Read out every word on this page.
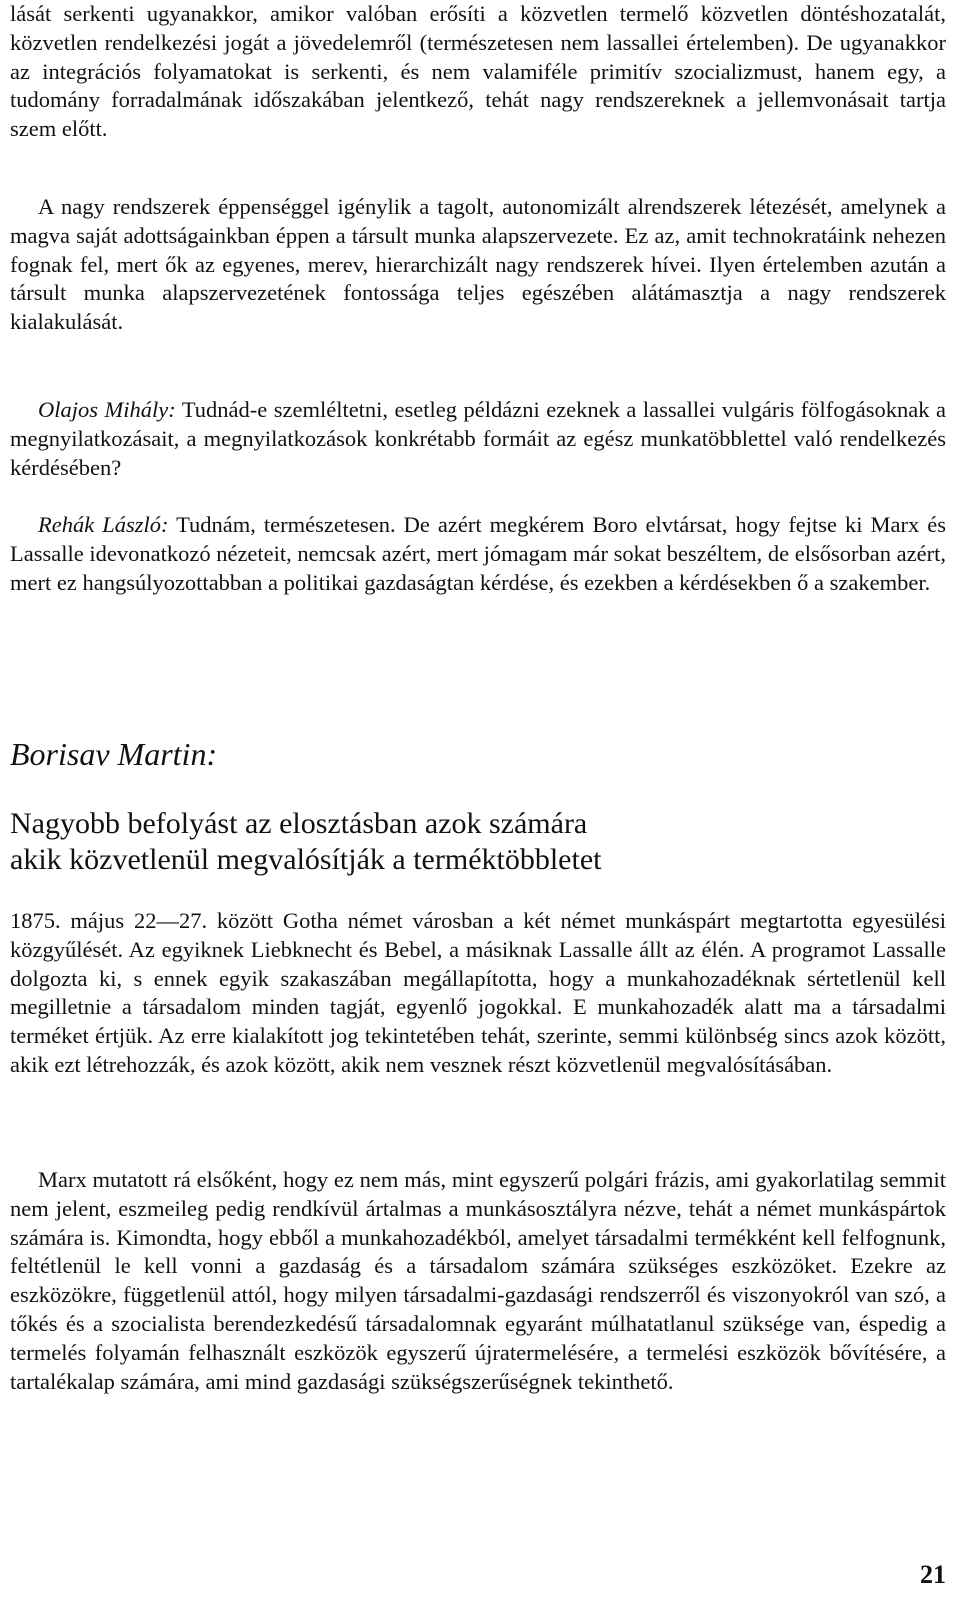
lását serkenti ugyanakkor, amikor valóban erősíti a közvetlen termelő közvetlen döntéshozatalát, közvetlen rendelkezési jogát a jövedelemről (természetesen nem lassallei értelemben). De ugyanakkor az integrációs folyamatokat is serkenti, és nem valamiféle primitív szocializmust, hanem egy, a tudomány forradalmának időszakában jelentkező, tehát nagy rendszereknek a jellemvonásait tartja szem előtt.

A nagy rendszerek éppenséggel igénylik a tagolt, autonomizált alrendszerek létezését, amelynek a magva saját adottságainkban éppen a társult munka alapszervezete. Ez az, amit technokratáink nehezen fognak fel, mert ők az egyenes, merev, hierarchizált nagy rendszerek hívei. Ilyen értelemben azután a társult munka alapszervezetének fontossága teljes egészében alátámasztja a nagy rendszerek kialakulását.

Olajos Mihály: Tudnád-e szemléltetni, esetleg példázni ezeknek a lassallei vulgáris fölfogásoknak a megnyilatkozásait, a megnyilatkozások konkrétabb formáit az egész munkatöbblettel való rendelkezés kérdésében?

Rehák László: Tudnám, természetesen. De azért megkérem Boro elvtársat, hogy fejtse ki Marx és Lassalle idevonatkozó nézeteit, nemcsak azért, mert jómagam már sokat beszéltem, de elsősorban azért, mert ez hangsúlyozottabban a politikai gazdaságtan kérdése, és ezekben a kérdésekben ő a szakember.

Borisav Martin:
Nagyobb befolyást az elosztásban azok számára
akik közvetlenül megvalósítják a terméktöbbletet

1875. május 22—27. között Gotha német városban a két német munkáspárt megtartotta egyesülési közgyűlését. Az egyiknek Liebknecht és Bebel, a másiknak Lassalle állt az élén. A programot Lassalle dolgozta ki, s ennek egyik szakaszában megállapította, hogy a munkahozadéknak sértetlenül kell megilletnie a társadalom minden tagját, egyenlő jogokkal. E munkahozadék alatt ma a társadalmi terméket értjük. Az erre kialakított jog tekintetében tehát, szerinte, semmi különbség sincs azok között, akik ezt létrehozzák, és azok között, akik nem vesznek részt közvetlenül megvalósításában.

Marx mutatott rá elsőként, hogy ez nem más, mint egyszerű polgári frázis, ami gyakorlatilag semmit nem jelent, eszmeileg pedig rendkívül ártalmas a munkásosztályra nézve, tehát a német munkáspártok számára is. Kimondta, hogy ebből a munkahozadékból, amelyet társadalmi termékként kell felfognunk, feltétlenül le kell vonni a gazdaság és a társadalom számára szükséges eszközöket. Ezekre az eszközökre, függetlenül attól, hogy milyen társadalmi-gazdasági rendszerről és viszonyokról van szó, a tőkés és a szocialista berendezkedésű társadalomnak egyaránt múlhatatlanul szüksége van, éspedig a termelés folyamán felhasznált eszközök egyszerű újratermelésére, a termelési eszközök bővítésére, a tartalékalap számára, ami mind gazdasági szükségszerűségnek tekinthető.

21
